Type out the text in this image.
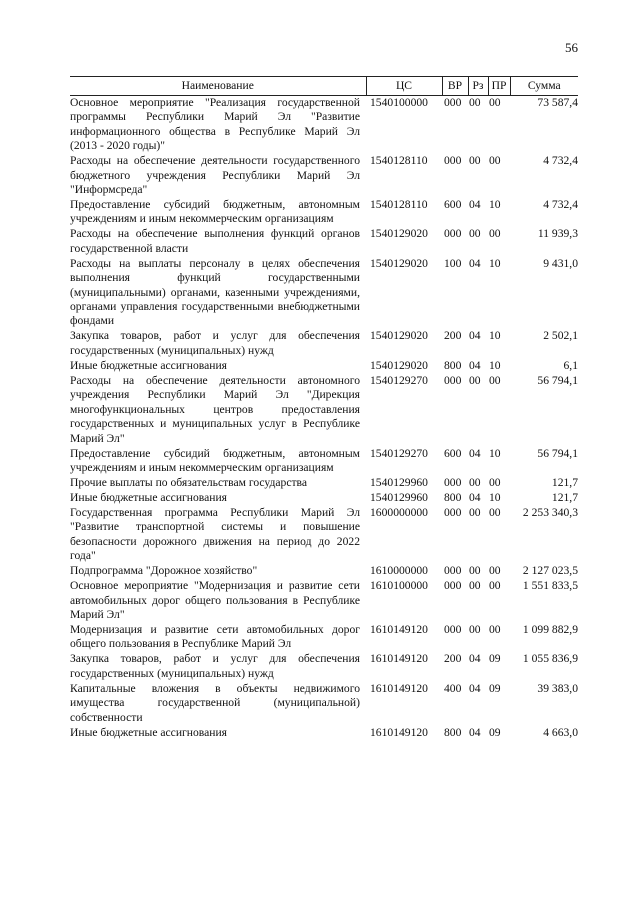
56
Наименование	ЦС	ВР	Рз	ПР	Сумма
Основное мероприятие "Реализация государственной программы Республики Марий Эл "Развитие информационного общества в Республике Марий Эл (2013 - 2020 годы)"	1540100000	000	00	00	73 587,4
Расходы на обеспечение деятельности государственного бюджетного учреждения Республики Марий Эл "Информсреда"	1540128110	000	00	00	4 732,4
Предоставление субсидий бюджетным, автономным учреждениям и иным некоммерческим организациям	1540128110	600	04	10	4 732,4
Расходы на обеспечение выполнения функций органов государственной власти	1540129020	000	00	00	11 939,3
Расходы на выплаты персоналу в целях обеспечения выполнения функций государственными (муниципальными) органами, казенными учреждениями, органами управления государственными внебюджетными фондами	1540129020	100	04	10	9 431,0
Закупка товаров, работ и услуг для обеспечения государственных (муниципальных) нужд	1540129020	200	04	10	2 502,1
Иные бюджетные ассигнования	1540129020	800	04	10	6,1
Расходы на обеспечение деятельности автономного учреждения Республики Марий Эл "Дирекция многофункциональных центров предоставления государственных и муниципальных услуг в Республике Марий Эл"	1540129270	000	00	00	56 794,1
Предоставление субсидий бюджетным, автономным учреждениям и иным некоммерческим организациям	1540129270	600	04	10	56 794,1
Прочие выплаты по обязательствам государства	1540129960	000	00	00	121,7
Иные бюджетные ассигнования	1540129960	800	04	10	121,7
Государственная программа Республики Марий Эл "Развитие транспортной системы и повышение безопасности дорожного движения на период до 2022 года"	1600000000	000	00	00	2 253 340,3
Подпрограмма "Дорожное хозяйство"	1610000000	000	00	00	2 127 023,5
Основное мероприятие "Модернизация и развитие сети автомобильных дорог общего пользования в Республике Марий Эл"	1610100000	000	00	00	1 551 833,5
Модернизация и развитие сети автомобильных дорог общего пользования в Республике Марий Эл	1610149120	000	00	00	1 099 882,9
Закупка товаров, работ и услуг для обеспечения государственных (муниципальных) нужд	1610149120	200	04	09	1 055 836,9
Капитальные вложения в объекты недвижимого имущества государственной (муниципальной) собственности	1610149120	400	04	09	39 383,0
Иные бюджетные ассигнования	1610149120	800	04	09	4 663,0
